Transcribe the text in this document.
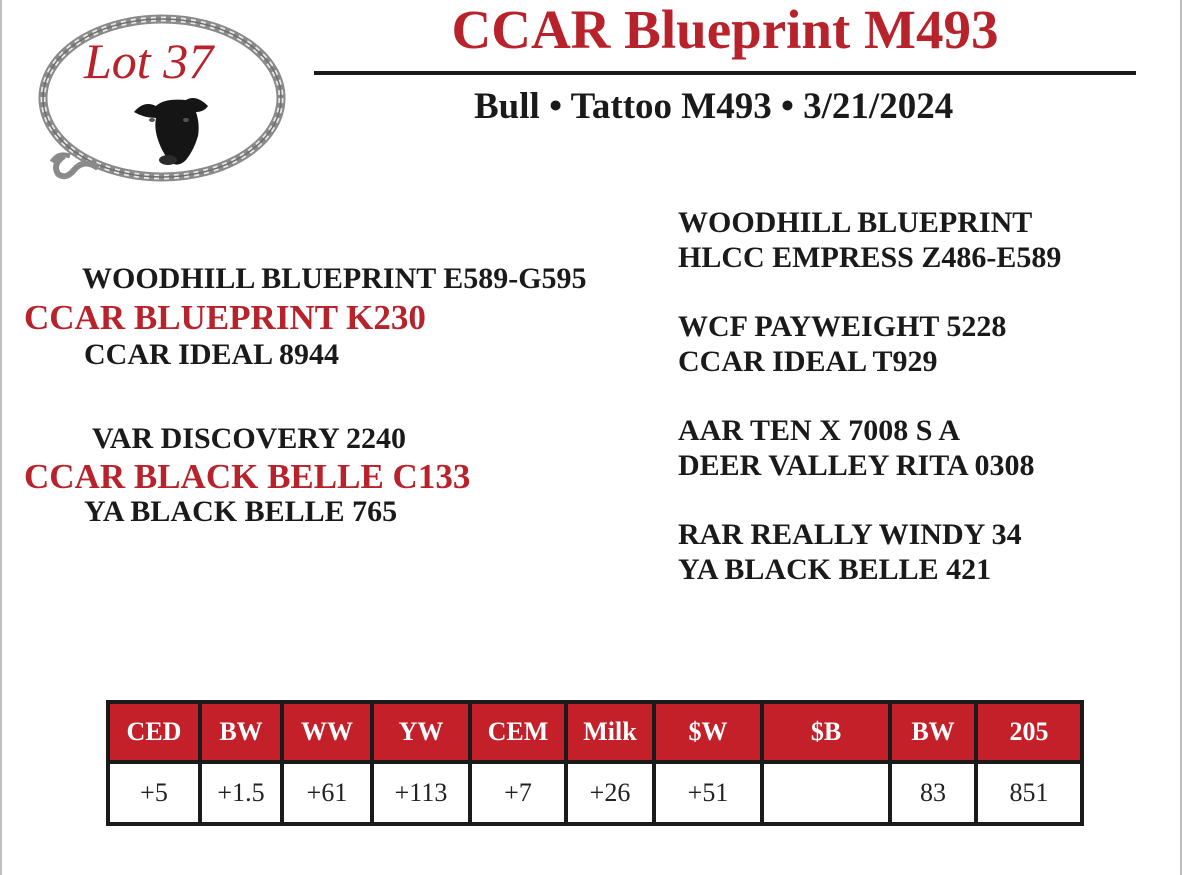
Lot 37
CCAR Blueprint M493
Bull • Tattoo M493 • 3/21/2024
WOODHILL BLUEPRINT E589-G595
CCAR BLUEPRINT K230
CCAR IDEAL 8944
VAR DISCOVERY 2240
CCAR BLACK BELLE C133
YA BLACK BELLE 765
WOODHILL BLUEPRINT
HLCC EMPRESS Z486-E589
WCF PAYWEIGHT 5228
CCAR IDEAL T929
AAR TEN X 7008 S A
DEER VALLEY RITA 0308
RAR REALLY WINDY 34
YA BLACK BELLE 421
CED	BW	WW	YW	CEM	Milk	$W	$B	BW	205
+5	+1.5	+61	+113	+7	+26	+51		83	851
